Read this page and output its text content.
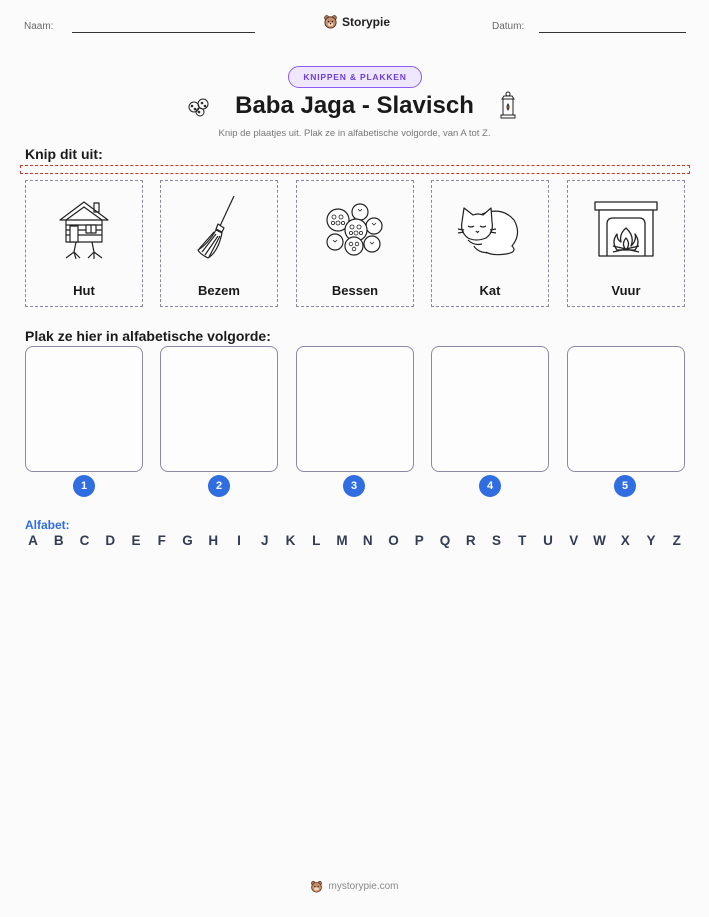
Naam:	Storypie	Datum:
KNIPPEN & PLAKKEN
Baba Jaga - Slavisch
Knip de plaatjes uit. Plak ze in alfabetische volgorde, van A tot Z.
Knip dit uit:
Hut	Bezem	Bessen	Kat	Vuur
Plak ze hier in alfabetische volgorde:
1	2	3	4	5
Alfabet:
A B C D E F G H	I	J	K L M N O P Q R S T U V W X Y Z
mystorypie.com
